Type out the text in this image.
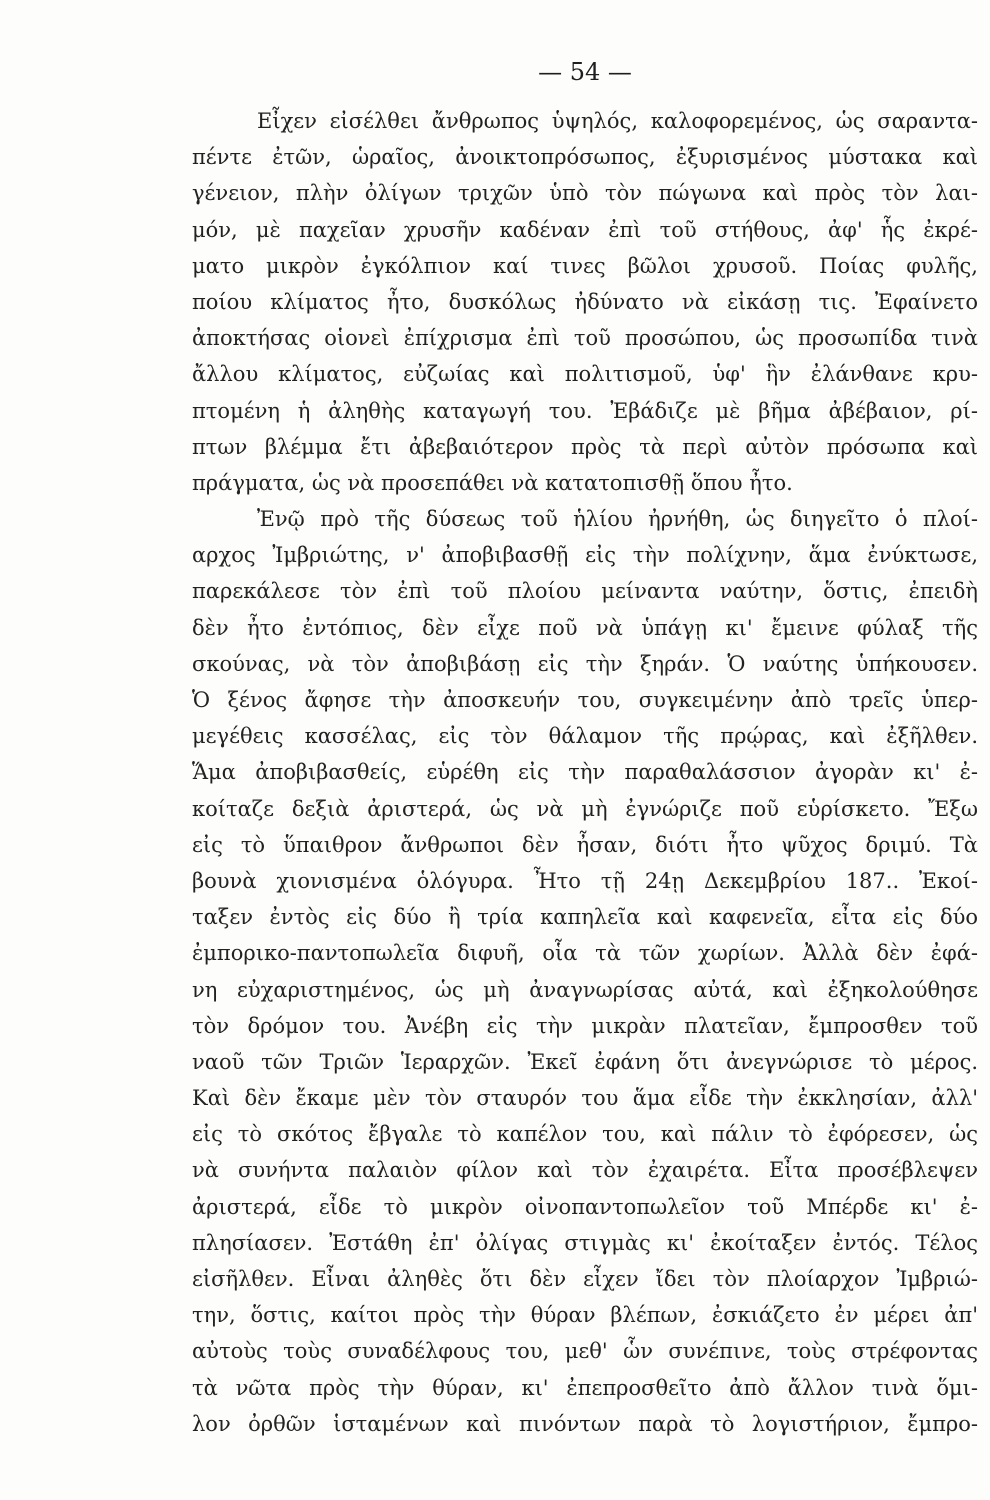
— 54 —
Εἶχεν εἰσέλθει ἄνθρωπος ὑψηλός, καλοφορεμένος, ὡς σαραντα-
πέντε ἐτῶν, ὡραῖος, ἀνοικτοπρόσωπος, ἐξυρισμένος μύστακα καὶ
γένειον, πλὴν ὀλίγων τριχῶν ὑπὸ τὸν πώγωνα καὶ πρὸς τὸν λαι-
μόν, μὲ παχεῖαν χρυσῆν καδέναν ἐπὶ τοῦ στήθους, ἀφ' ἧς ἐκρέ-
ματο μικρὸν ἐγκόλπιον καί τινες βῶλοι χρυσοῦ. Ποίας φυλῆς,
ποίου κλίματος ἦτο, δυσκόλως ἠδύνατο νὰ εἰκάσῃ τις. Ἐφαίνετο
ἀποκτήσας οἱονεὶ ἐπίχρισμα ἐπὶ τοῦ προσώπου, ὡς προσωπίδα τινὰ
ἄλλου κλίματος, εὐζωίας καὶ πολιτισμοῦ, ὑφ' ἣν ἐλάνθανε κρυ-
πτομένη ἡ ἀληθὴς καταγωγή του. Ἐβάδιζε μὲ βῆμα ἀβέβαιον, ρί-
πτων βλέμμα ἔτι ἀβεβαιότερον πρὸς τὰ περὶ αὐτὸν πρόσωπα καὶ
πράγματα, ὡς νὰ προσεπάθει νὰ κατατοπισθῇ ὅπου ἦτο.
Ἐνῷ πρὸ τῆς δύσεως τοῦ ἡλίου ἠρνήθη, ὡς διηγεῖτο ὁ πλοί-
αρχος Ἰμβριώτης, ν' ἀποβιβασθῇ εἰς τὴν πολίχνην, ἅμα ἐνύκτωσε,
παρεκάλεσε τὸν ἐπὶ τοῦ πλοίου μείναντα ναύτην, ὅστις, ἐπειδὴ
δὲν ἦτο ἐντόπιος, δὲν εἶχε ποῦ νὰ ὑπάγῃ κι' ἔμεινε φύλαξ τῆς
σκούνας, νὰ τὸν ἀποβιβάσῃ εἰς τὴν ξηράν. Ὁ ναύτης ὑπήκουσεν.
Ὁ ξένος ἄφησε τὴν ἀποσκευήν του, συγκειμένην ἀπὸ τρεῖς ὑπερ-
μεγέθεις κασσέλας, εἰς τὸν θάλαμον τῆς πρῴρας, καὶ ἐξῆλθεν.
Ἅμα ἀποβιβασθείς, εὑρέθη εἰς τὴν παραθαλάσσιον ἀγορὰν κι' ἐ-
κοίταζε δεξιὰ ἀριστερά, ὡς νὰ μὴ ἐγνώριζε ποῦ εὑρίσκετο. Ἔξω
εἰς τὸ ὕπαιθρον ἄνθρωποι δὲν ἦσαν, διότι ἦτο ψῦχος δριμύ. Τὰ
βουνὰ χιονισμένα ὁλόγυρα. Ἦτο τῇ 24ῃ Δεκεμβρίου 187.. Ἐκοί-
ταξεν ἐντὸς εἰς δύο ἢ τρία καπηλεῖα καὶ καφενεῖα, εἶτα εἰς δύο
ἐμπορικο-παντοπωλεῖα διφυῆ, οἷα τὰ τῶν χωρίων. Ἀλλὰ δὲν ἐφά-
νη εὐχαριστημένος, ὡς μὴ ἀναγνωρίσας αὐτά, καὶ ἐξηκολούθησε
τὸν δρόμον του. Ἀνέβη εἰς τὴν μικρὰν πλατεῖαν, ἔμπροσθεν τοῦ
ναοῦ τῶν Τριῶν Ἱεραρχῶν. Ἐκεῖ ἐφάνη ὅτι ἀνεγνώρισε τὸ μέρος.
Καὶ δὲν ἔκαμε μὲν τὸν σταυρόν του ἅμα εἶδε τὴν ἐκκλησίαν, ἀλλ'
εἰς τὸ σκότος ἔβγαλε τὸ καπέλον του, καὶ πάλιν τὸ ἐφόρεσεν, ὡς
νὰ συνήντα παλαιὸν φίλον καὶ τὸν ἐχαιρέτα. Εἶτα προσέβλεψεν
ἀριστερά, εἶδε τὸ μικρὸν οἰνοπαντοπωλεῖον τοῦ Μπέρδε κι' ἐ-
πλησίασεν. Ἐστάθη ἐπ' ὀλίγας στιγμὰς κι' ἐκοίταξεν ἐντός. Τέλος
εἰσῆλθεν. Εἶναι ἀληθὲς ὅτι δὲν εἶχεν ἴδει τὸν πλοίαρχον Ἰμβριώ-
την, ὅστις, καίτοι πρὸς τὴν θύραν βλέπων, ἐσκιάζετο ἐν μέρει ἀπ'
αὐτοὺς τοὺς συναδέλφους του, μεθ' ὧν συνέπινε, τοὺς στρέφοντας
τὰ νῶτα πρὸς τὴν θύραν, κι' ἐπεπροσθεῖτο ἀπὸ ἄλλον τινὰ ὅμι-
λον ὀρθῶν ἱσταμένων καὶ πινόντων παρὰ τὸ λογιστήριον, ἔμπρο-
